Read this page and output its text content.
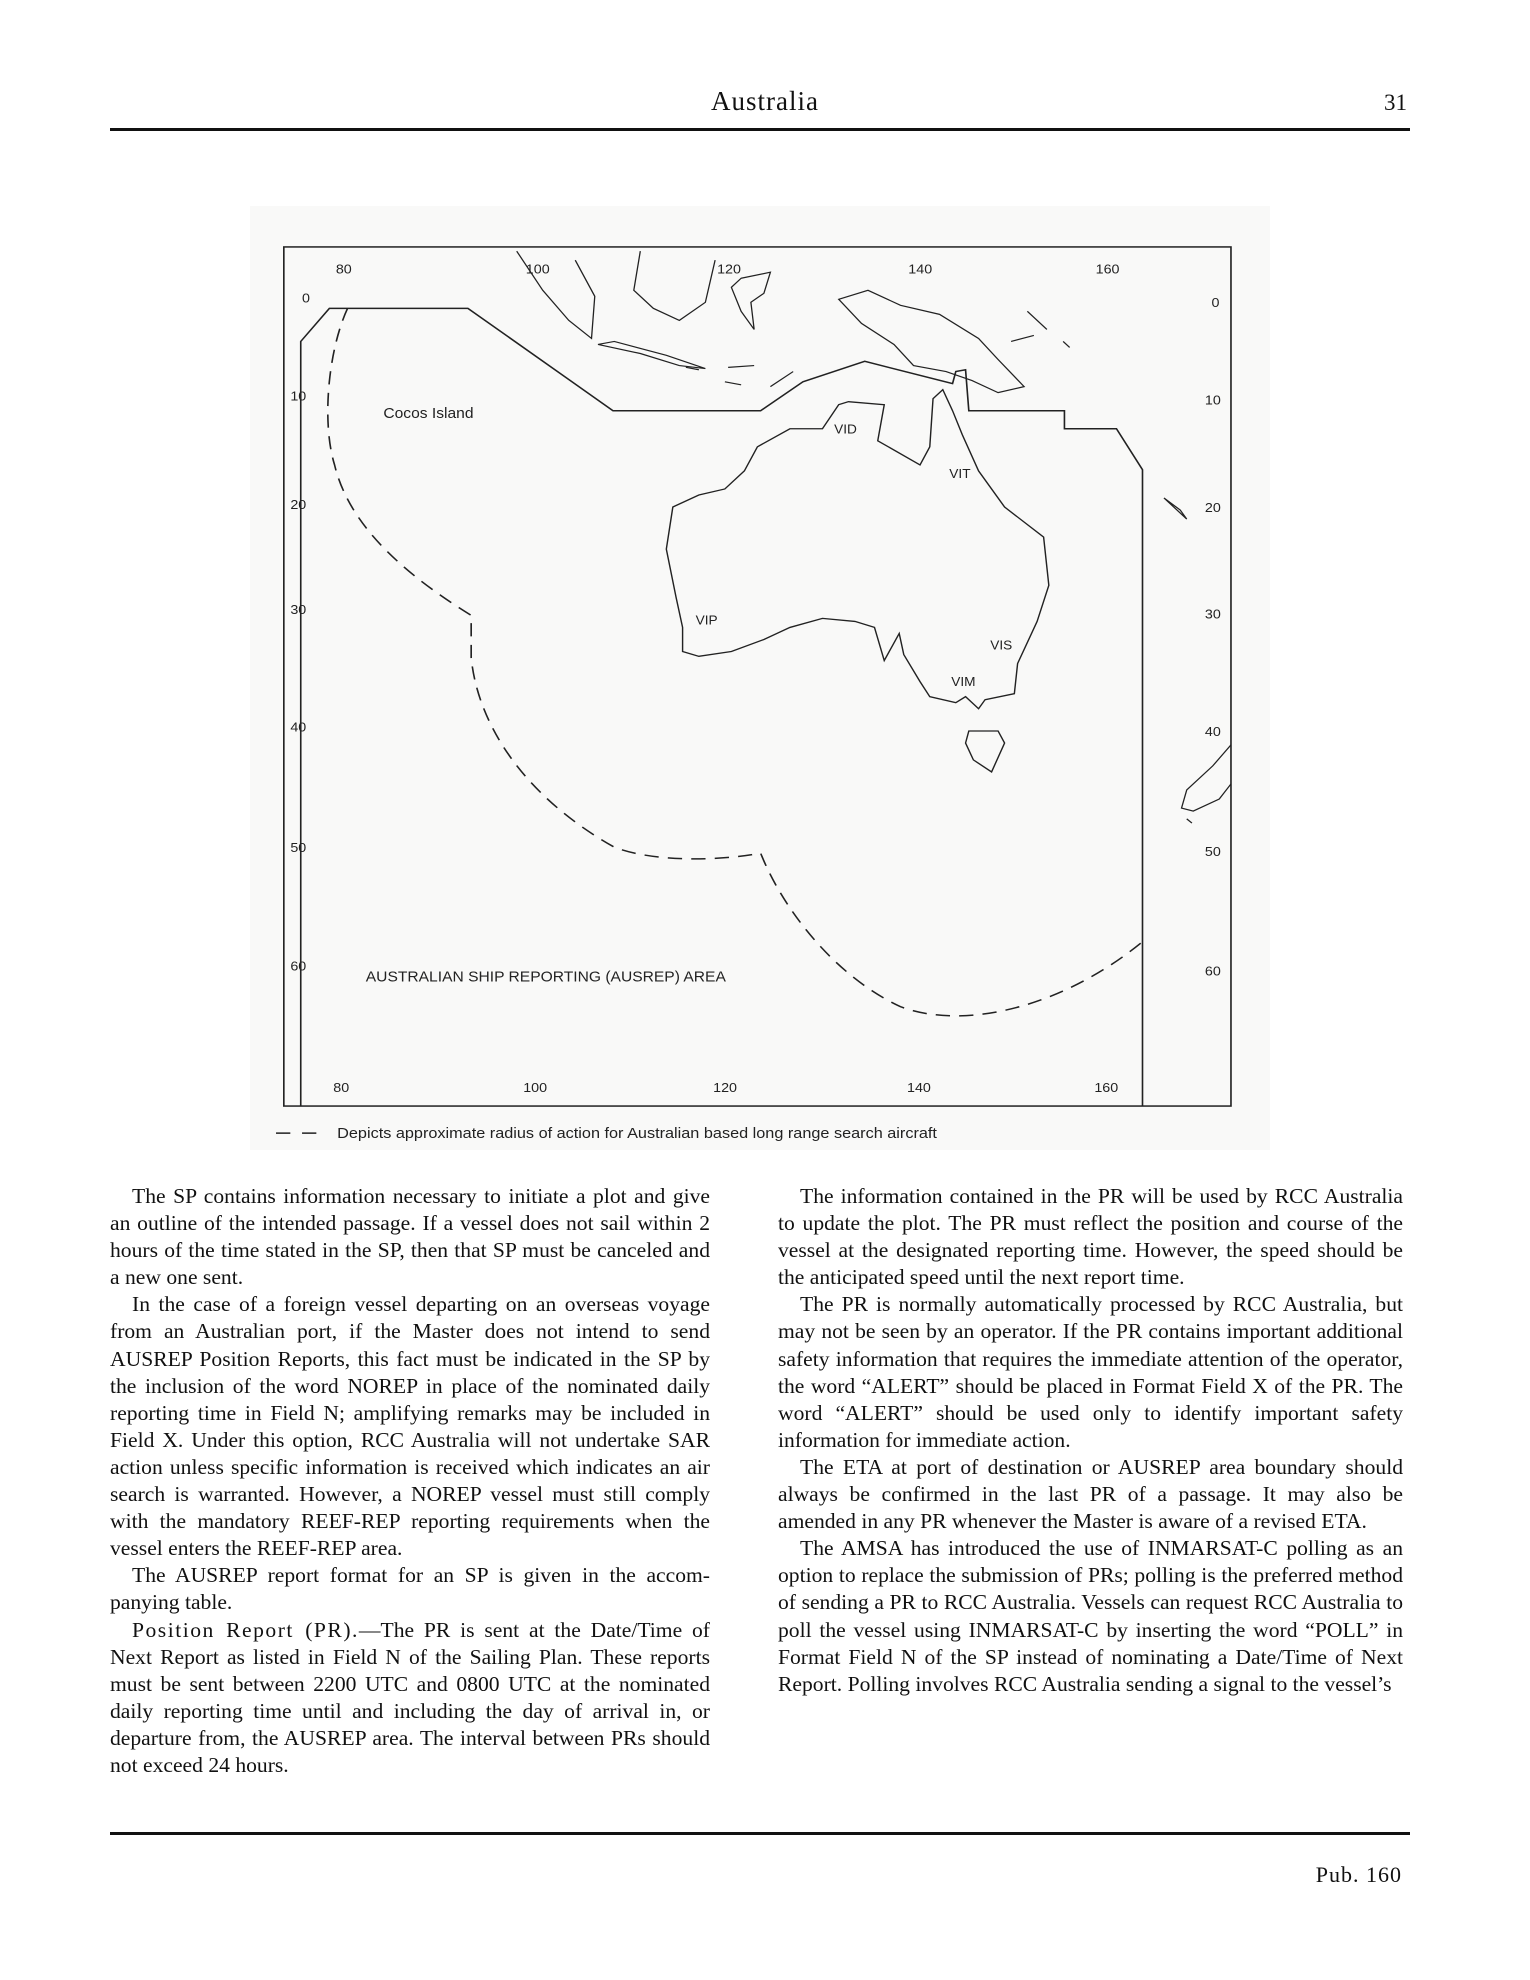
Australia	31
80	100	120	140	160
80	100	120	140	160
0
10
20
30
40
50
60
0
10
20
30
40
50
60
Cocos Island
VID
VIT
VIP
VIS
VIM
AUSTRALIAN SHIP REPORTING (AUSREP) AREA
Depicts approximate radius of action for Australian based long range search aircraft

The SP contains information necessary to initiate a plot and give an outline of the intended passage. If a vessel does not sail within 2 hours of the time stated in the SP, then that SP must be canceled and a new one sent.

In the case of a foreign vessel departing on an overseas voyage from an Australian port, if the Master does not intend to send AUSREP Position Reports, this fact must be indicated in the SP by the inclusion of the word NOREP in place of the nominated daily reporting time in Field N; amplifying remarks may be included in Field X. Under this option, RCC Australia will not undertake SAR action unless specific information is received which indicates an air search is warranted. However, a NOREP vessel must still comply with the mandatory REEF-REP reporting requirements when the vessel enters the REEF-REP area.

The AUSREP report format for an SP is given in the accom-panying table.

Position Report (PR).—The PR is sent at the Date/Time of Next Report as listed in Field N of the Sailing Plan. These reports must be sent between 2200 UTC and 0800 UTC at the nominated daily reporting time until and including the day of arrival in, or departure from, the AUSREP area. The interval between PRs should not exceed 24 hours.

The information contained in the PR will be used by RCC Australia to update the plot. The PR must reflect the position and course of the vessel at the designated reporting time. However, the speed should be the anticipated speed until the next report time.

The PR is normally automatically processed by RCC Australia, but may not be seen by an operator. If the PR contains important additional safety information that requires the immediate attention of the operator, the word “ALERT” should be placed in Format Field X of the PR. The word “ALERT” should be used only to identify important safety information for immediate action.

The ETA at port of destination or AUSREP area boundary should always be confirmed in the last PR of a passage. It may also be amended in any PR whenever the Master is aware of a revised ETA.

The AMSA has introduced the use of INMARSAT-C polling as an option to replace the submission of PRs; polling is the preferred method of sending a PR to RCC Australia. Vessels can request RCC Australia to poll the vessel using INMARSAT-C by inserting the word “POLL” in Format Field N of the SP instead of nominating a Date/Time of Next Report. Polling involves RCC Australia sending a signal to the vessel’s

Pub. 160
